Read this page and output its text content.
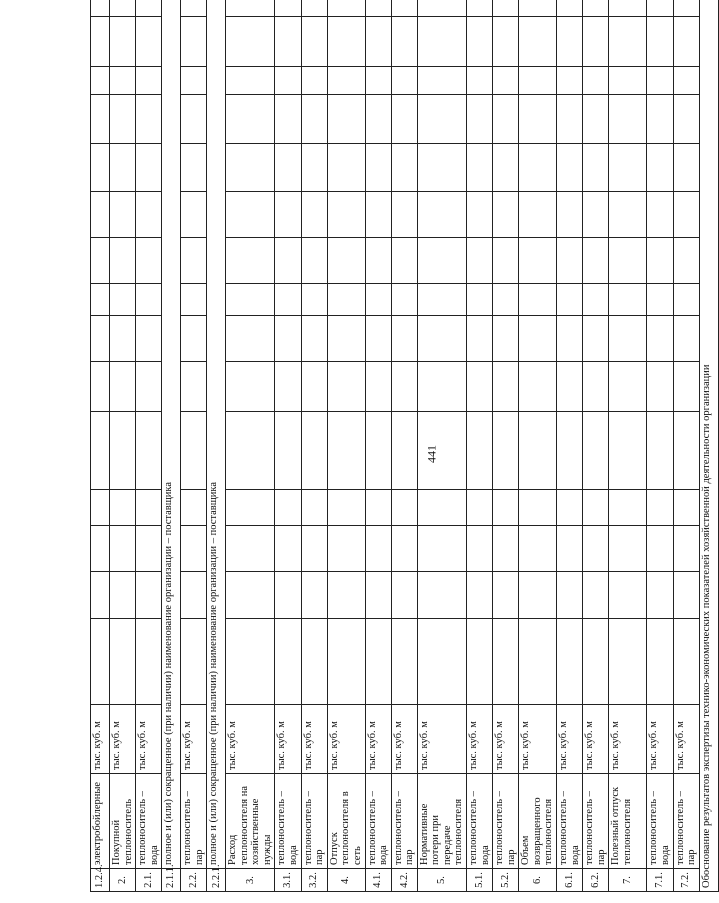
441
1.2.4.	электробойлерные	тыс. куб. м															
2.	Покупной теплоноситель	тыс. куб. м															
2.1.	теплоноситель – вода	тыс. куб. м															
2.1.1.	полное и (или) сокращенное (при наличии) наименование организации – поставщика																
2.2.	теплоноситель – пар	тыс. куб. м															
2.2.1.	полное и (или) сокращенное (при наличии) наименование организации – поставщика																
3.	Расход теплоносителя на хозяйственные нужды	тыс. куб. м															
3.1.	теплоноситель – вода	тыс. куб. м															
3.2.	теплоноситель – пар	тыс. куб. м															
4.	Отпуск теплоносителя в сеть	тыс. куб. м															
4.1.	теплоноситель – вода	тыс. куб. м															
4.2.	теплоноситель – пар	тыс. куб. м															
5.	Нормативные потери при передаче теплоносителя	тыс. куб. м															
5.1.	теплоноситель – вода	тыс. куб. м															
5.2.	теплоноситель – пар	тыс. куб. м															
6.	Объем возвращенного теплоносителя	тыс. куб. м															
6.1.	теплоноситель – вода	тыс. куб. м															
6.2.	теплоноситель – пар	тыс. куб. м															
7.	Полезный отпуск теплоносителя	тыс. куб. м															
7.1.	теплоноситель – вода	тыс. куб. м															
7.2.	теплоноситель – пар	тыс. куб. м															
Обоснование результатов экспертизы технико-экономических показателей хозяйственной деятельности организации																	
